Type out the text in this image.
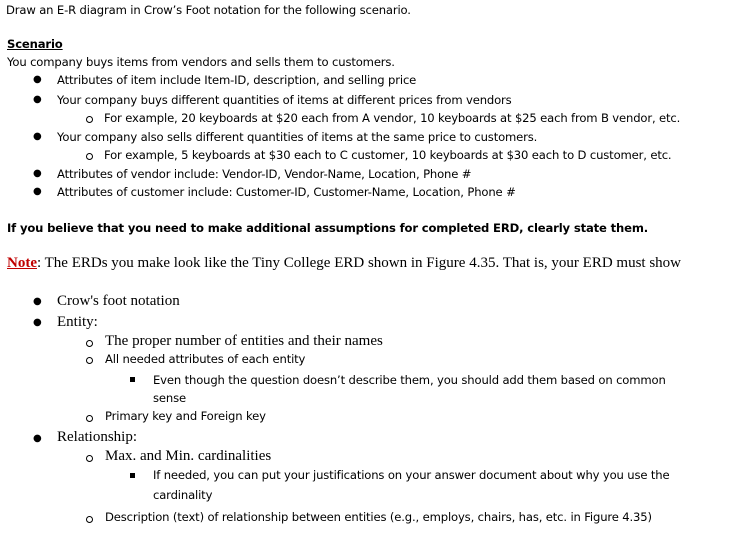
Draw an E-R diagram in Crow’s Foot notation for the following scenario.
Scenario
You company buys items from vendors and sells them to customers.
● Attributes of item include Item-ID, description, and selling price
● Your company buys different quantities of items at different prices from vendors
For example, 20 keyboards at $20 each from A vendor, 10 keyboards at $25 each from B vendor, etc.
● Your company also sells different quantities of items at the same price to customers.
For example, 5 keyboards at $30 each to C customer, 10 keyboards at $30 each to D customer, etc.
● Attributes of vendor include: Vendor-ID, Vendor-Name, Location, Phone #
● Attributes of customer include: Customer-ID, Customer-Name, Location, Phone #
If you believe that you need to make additional assumptions for completed ERD, clearly state them.
Note: The ERDs you make look like the Tiny College ERD shown in Figure 4.35. That is, your ERD must show
● Crow's foot notation
● Entity:
The proper number of entities and their names
All needed attributes of each entity
Even though the question doesn’t describe them, you should add them based on common
sense
Primary key and Foreign key
● Relationship:
Max. and Min. cardinalities
If needed, you can put your justifications on your answer document about why you use the
cardinality
Description (text) of relationship between entities (e.g., employs, chairs, has, etc. in Figure 4.35)
